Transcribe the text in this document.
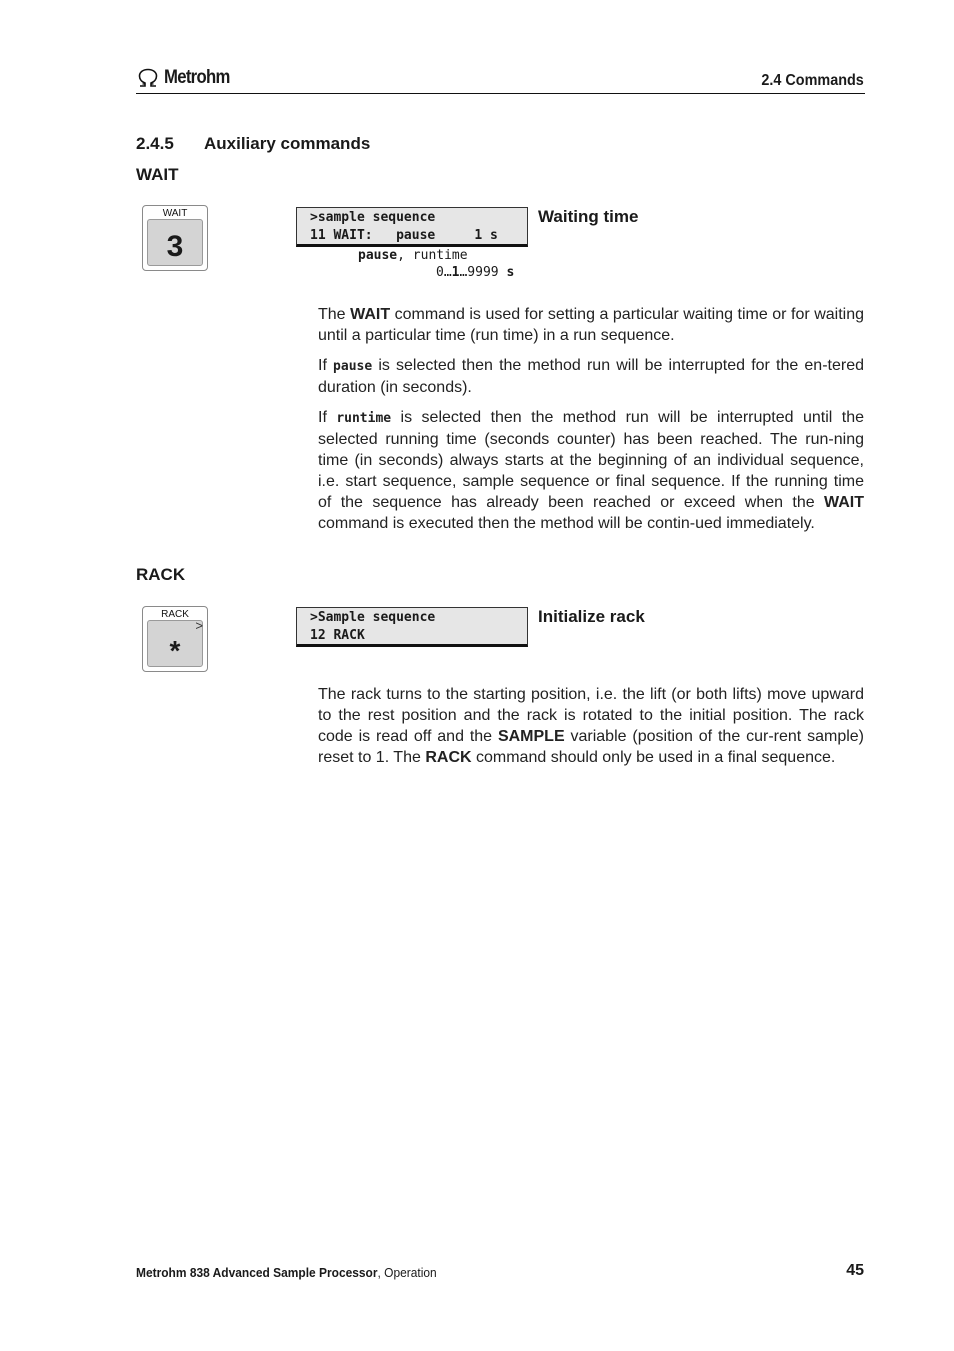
Metrohm	2.4 Commands
2.4.5 Auxiliary commands
WAIT
WAIT
3
>sample sequence
11 WAIT:   pause     1 s
Waiting time
pause, runtime
0…1…9999 s

The WAIT command is used for setting a particular waiting time or for waiting until a particular time (run time) in a run sequence.

If pause is selected then the method run will be interrupted for the en-tered duration (in seconds).

If runtime is selected then the method run will be interrupted until the selected running time (seconds counter) has been reached. The run-ning time (in seconds) always starts at the beginning of an individual sequence, i.e. start sequence, sample sequence or final sequence. If the running time of the sequence has already been reached or exceed when the WAIT command is executed then the method will be contin-ued immediately.

RACK
RACK
*
>
>Sample sequence
12 RACK
Initialize rack

The rack turns to the starting position, i.e. the lift (or both lifts) move upward to the rest position and the rack is rotated to the initial position. The rack code is read off and the SAMPLE variable (position of the cur-rent sample) reset to 1. The RACK command should only be used in a final sequence.

Metrohm 838 Advanced Sample Processor, Operation	45
